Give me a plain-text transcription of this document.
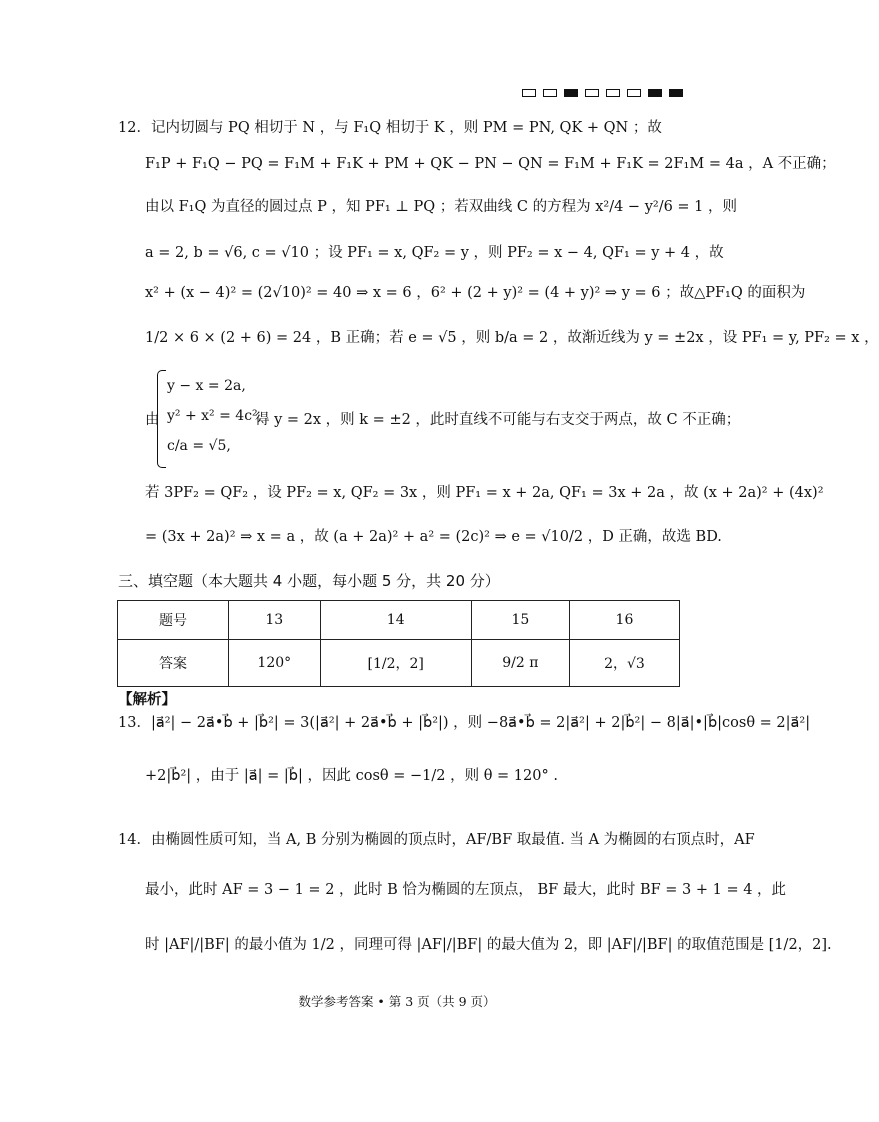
12．记内切圆与 PQ 相切于 N ，与 F₁Q 相切于 K ，则 PM = PN, QK + QN ；故
F₁P + F₁Q − PQ = F₁M + F₁K + PM + QK − PN − QN = F₁M + F₁K = 2F₁M = 4a ，A 不正确；
由以 F₁Q 为直径的圆过点 P ，知 PF₁ ⊥ PQ ；若双曲线 C 的方程为 x²/4 − y²/6 = 1 ，则
a = 2, b = √6, c = √10 ；设 PF₁ = x, QF₂ = y ，则 PF₂ = x − 4, QF₁ = y + 4 ，故
x² + (x − 4)² = (2√10)² = 40 ⇒ x = 6 ，6² + (2 + y)² = (4 + y)² ⇒ y = 6 ；故△PF₁Q 的面积为
1/2 × 6 × (2 + 6) = 24 ，B 正确；若 e = √5 ，则 b/a = 2 ，故渐近线为 y = ±2x ，设 PF₁ = y, PF₂ = x ，
由
y − x = 2a,
y² + x² = 4c²,
c/a = √5,
得 y = 2x ，则 k = ±2 ，此时直线不可能与右支交于两点，故 C 不正确；
若 3PF₂ = QF₂ ，设 PF₂ = x, QF₂ = 3x ，则 PF₁ = x + 2a, QF₁ = 3x + 2a ，故 (x + 2a)² + (4x)²
= (3x + 2a)² ⇒ x = a ，故 (a + 2a)² + a² = (2c)² ⇒ e = √10/2 ，D 正确，故选 BD.
三、填空题（本大题共 4 小题，每小题 5 分，共 20 分）
题号	13	14	15	16
答案	120°	[1/2，2]	9/2 π	2，√3
【解析】
13．|a⃗²| − 2a⃗•b⃗ + |b⃗²| = 3(|a⃗²| + 2a⃗•b⃗ + |b⃗²|) ，则 −8a⃗•b⃗ = 2|a⃗²| + 2|b⃗²| − 8|a⃗|•|b⃗|cosθ = 2|a⃗²|
+2|b⃗²| ，由于 |a⃗| = |b⃗| ，因此 cosθ = −1/2 ，则 θ = 120° .
14．由椭圆性质可知，当 A, B 分别为椭圆的顶点时，AF/BF 取最值. 当 A 为椭圆的右顶点时，AF
最小，此时 AF = 3 − 1 = 2 ，此时 B 恰为椭圆的左顶点， BF 最大，此时 BF = 3 + 1 = 4 ，此
时 |AF|/|BF| 的最小值为 1/2 ，同理可得 |AF|/|BF| 的最大值为 2，即 |AF|/|BF| 的取值范围是 [1/2，2].
数学参考答案 • 第 3 页（共 9 页）
